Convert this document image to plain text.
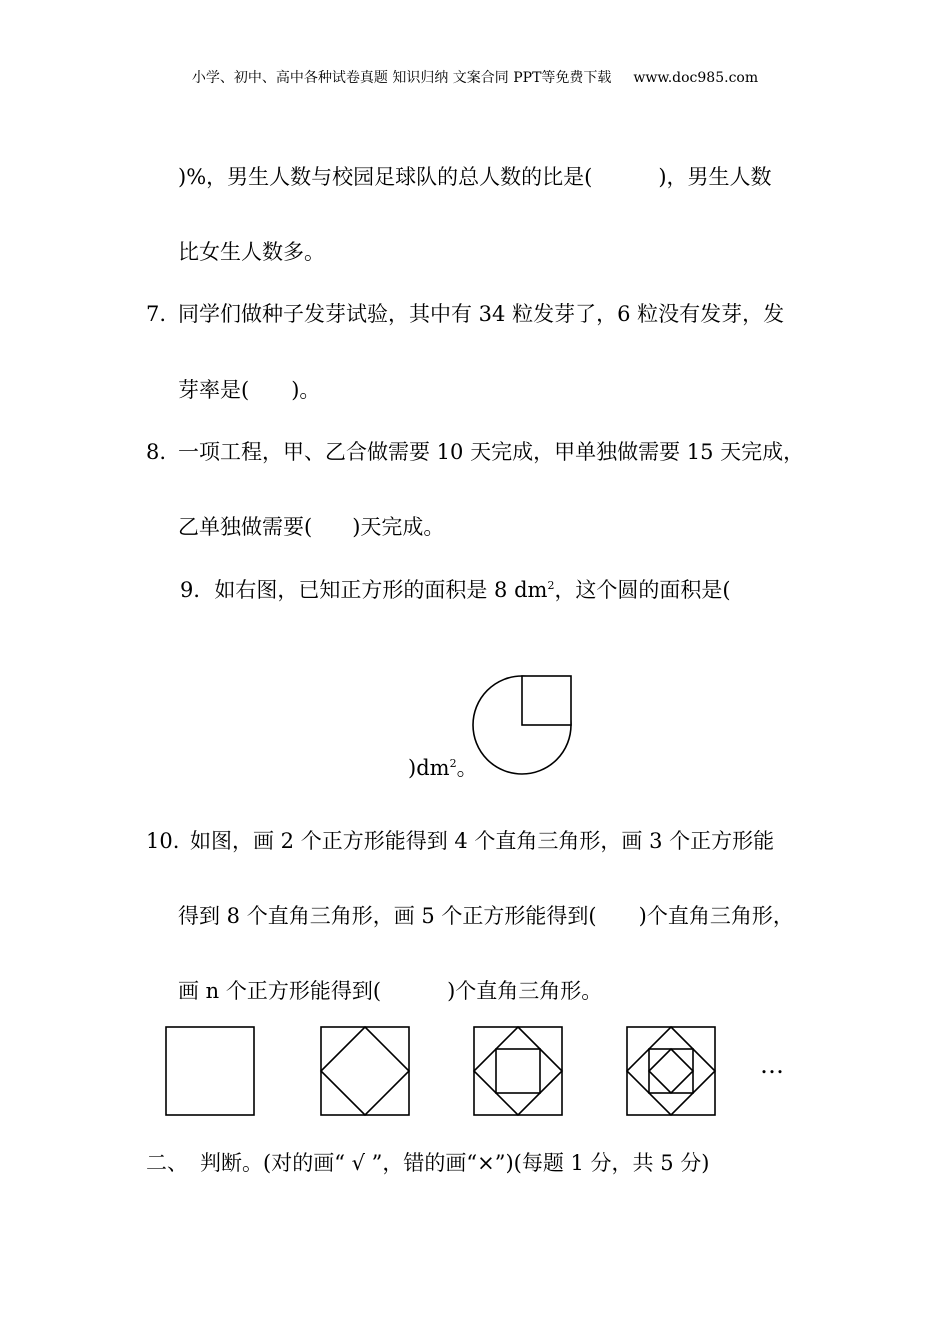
小学、初中、高中各种试卷真题 知识归纳 文案合同 PPT等免费下载 www.doc985.com
)%，男生人数与校园足球队的总人数的比是(	)，男生人数
比女生人数多。
7. 同学们做种子发芽试验，其中有 34 粒发芽了，6 粒没有发芽，发
芽率是( )。
8. 一项工程，甲、乙合做需要 10 天完成，甲单独做需要 15 天完成，
乙单独做需要( )天完成。
9．如右图，已知正方形的面积是 8 $dm^2$，这个圆的面积是(
)$dm^2$。
10. 如图，画 2 个正方形能得到 4 个直角三角形，画 3 个正方形能
得到 8 个直角三角形，画 5 个正方形能得到( )个直角三角形，
画 n 个正方形能得到(	)个直角三角形。
…
二、 判断。(对的画“ √ ”，错的画“×”)(每题 1 分，共 5 分)
